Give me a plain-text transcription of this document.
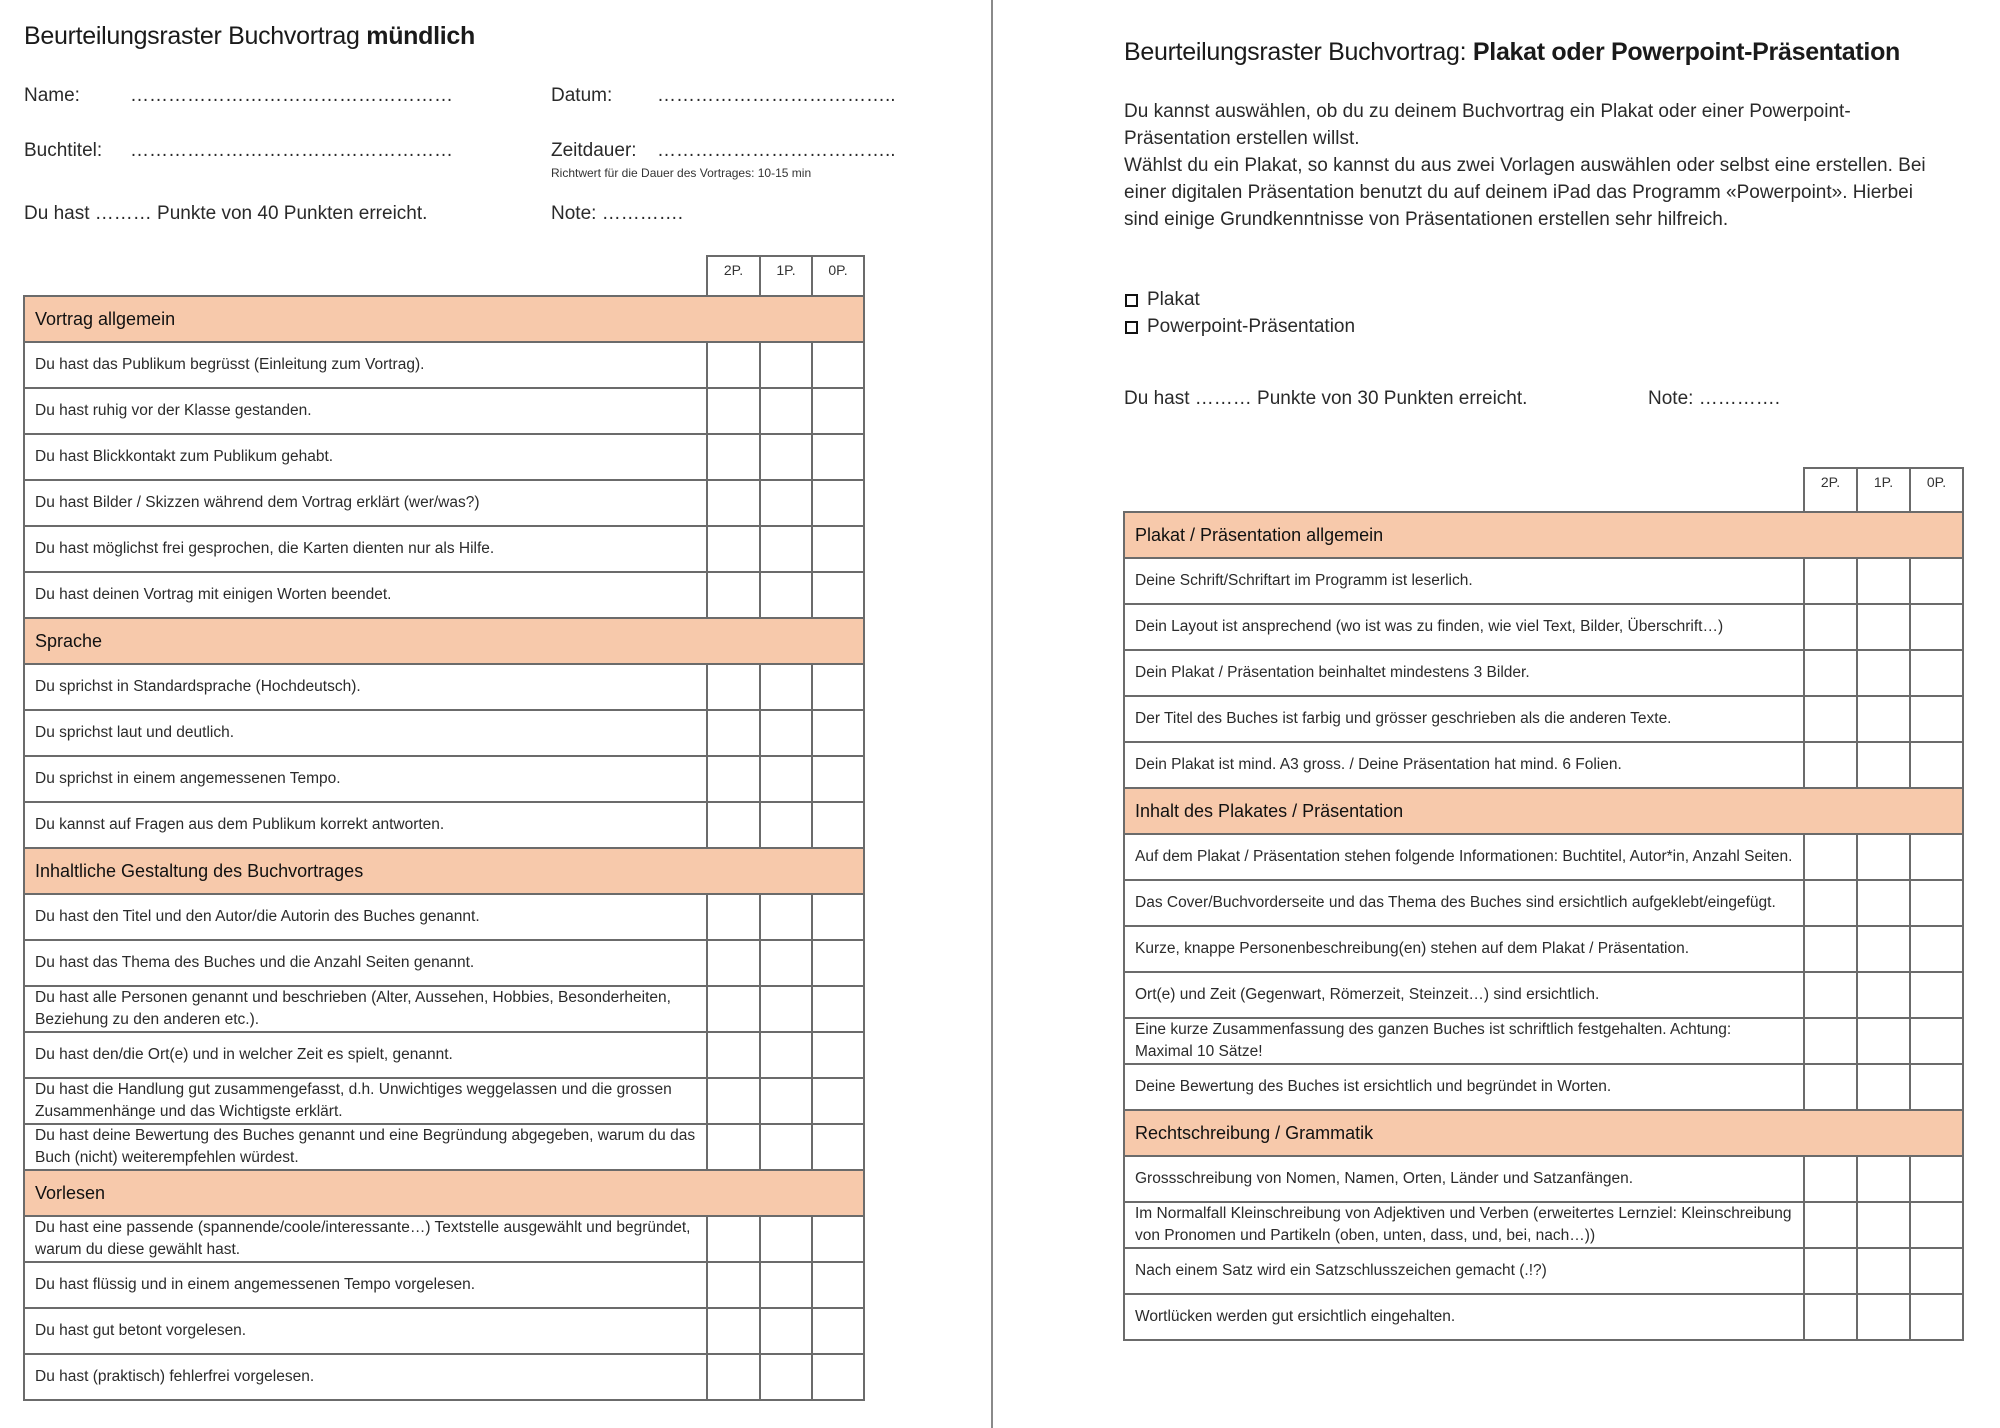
Beurteilungsraster Buchvortrag mündlich
Name:	……………………………………………	Datum: ………………………………..
Buchtitel: ……………………………………………	Zeitdauer: ………………………………..
Richtwert für die Dauer des Vortrages: 10-15 min
Du hast ……… Punkte von 40 Punkten erreicht.	Note: ………….
2P.	1P.	0P.
Vortrag allgemein			
Du hast das Publikum begrüsst (Einleitung zum Vortrag).			
Du hast ruhig vor der Klasse gestanden.			
Du hast Blickkontakt zum Publikum gehabt.			
Du hast Bilder / Skizzen während dem Vortrag erklärt (wer/was?)			
Du hast möglichst frei gesprochen, die Karten dienten nur als Hilfe.			
Du hast deinen Vortrag mit einigen Worten beendet.			
Sprache			
Du sprichst in Standardsprache (Hochdeutsch).			
Du sprichst laut und deutlich.			
Du sprichst in einem angemessenen Tempo.			
Du kannst auf Fragen aus dem Publikum korrekt antworten.			
Inhaltliche Gestaltung des Buchvortrages			
Du hast den Titel und den Autor/die Autorin des Buches genannt.			
Du hast das Thema des Buches und die Anzahl Seiten genannt.			
Du hast alle Personen genannt und beschrieben (Alter, Aussehen, Hobbies, Besonderheiten, Beziehung zu den anderen etc.).			
Du hast den/die Ort(e) und in welcher Zeit es spielt, genannt.			
Du hast die Handlung gut zusammengefasst, d.h. Unwichtiges weggelassen und die grossen Zusammenhänge und das Wichtigste erklärt.			
Du hast deine Bewertung des Buches genannt und eine Begründung abgegeben, warum du das Buch (nicht) weiterempfehlen würdest.			
Vorlesen			
Du hast eine passende (spannende/coole/interessante…) Textstelle ausgewählt und begründet, warum du diese gewählt hast.			
Du hast flüssig und in einem angemessenen Tempo vorgelesen.			
Du hast gut betont vorgelesen.			
Du hast (praktisch) fehlerfrei vorgelesen.			
Beurteilungsraster Buchvortrag: Plakat oder Powerpoint-Präsentation
Du kannst auswählen, ob du zu deinem Buchvortrag ein Plakat oder einer Powerpoint-
Präsentation erstellen willst.
Wählst du ein Plakat, so kannst du aus zwei Vorlagen auswählen oder selbst eine erstellen. Bei
einer digitalen Präsentation benutzt du auf deinem iPad das Programm «Powerpoint». Hierbei
sind einige Grundkenntnisse von Präsentationen erstellen sehr hilfreich.
Plakat
Powerpoint-Präsentation
Du hast ……… Punkte von 30 Punkten erreicht.	Note: ………….
2P.	1P.	0P.
Plakat / Präsentation allgemein			
Deine Schrift/Schriftart im Programm ist leserlich.			
Dein Layout ist ansprechend (wo ist was zu finden, wie viel Text, Bilder, Überschrift…)			
Dein Plakat / Präsentation beinhaltet mindestens 3 Bilder.			
Der Titel des Buches ist farbig und grösser geschrieben als die anderen Texte.			
Dein Plakat ist mind. A3 gross. / Deine Präsentation hat mind. 6 Folien.			
Inhalt des Plakates / Präsentation			
Auf dem Plakat / Präsentation stehen folgende Informationen: Buchtitel, Autor*in, Anzahl Seiten.			
Das Cover/Buchvorderseite und das Thema des Buches sind ersichtlich aufgeklebt/eingefügt.			
Kurze, knappe Personenbeschreibung(en) stehen auf dem Plakat / Präsentation.			
Ort(e) und Zeit (Gegenwart, Römerzeit, Steinzeit…) sind ersichtlich.			
Eine kurze Zusammenfassung des ganzen Buches ist schriftlich festgehalten. Achtung: Maximal 10 Sätze!			
Deine Bewertung des Buches ist ersichtlich und begründet in Worten.			
Rechtschreibung / Grammatik			
Grossschreibung von Nomen, Namen, Orten, Länder und Satzanfängen.			
Im Normalfall Kleinschreibung von Adjektiven und Verben (erweitertes Lernziel: Kleinschreibung von Pronomen und Partikeln (oben, unten, dass, und, bei, nach…))			
Nach einem Satz wird ein Satzschlusszeichen gemacht (.!?)			
Wortlücken werden gut ersichtlich eingehalten.			
